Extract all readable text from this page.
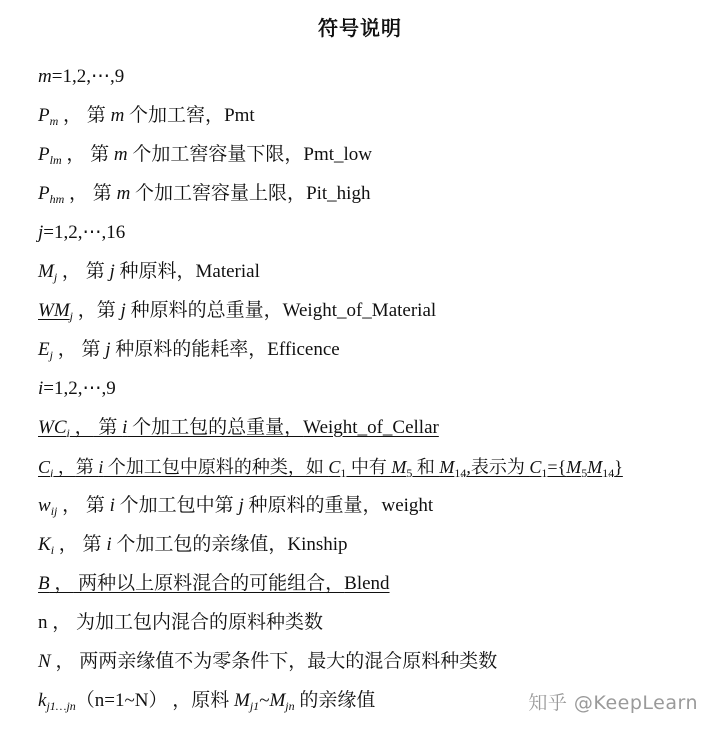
符号说明
m=1,2,⋯,9
$P_m$ ， 第 m 个加工窖，Pmt
$P_{lm}$ ， 第 m 个加工窖容量下限，Pmt_low
$P_{hm}$ ， 第 m 个加工窖容量上限，Pit_high
j=1,2,⋯,16
$M_j$ ， 第 j 种原料，Material
$WM_j$ ，第 j 种原料的总重量，Weight_of_Material
$E_j$ ， 第 j 种原料的能耗率，Efficence
i=1,2,⋯,9
$WC_i$ ， 第 i 个加工包的总重量，Weight_of_Cellar
$C_i$ ，第 i 个加工包中原料的种类，如 $C_1$ 中有 $M_5$ 和 $M_{14}$,表示为 $C_1=\{M_5M_{14}\}$
$w_{ij}$ ， 第 i 个加工包中第 j 种原料的重量，weight
$K_i$ ， 第 i 个加工包的亲缘值，Kinship
B ， 两种以上原料混合的可能组合，Blend
n ， 为加工包内混合的原料种类数
N ， 两两亲缘值不为零条件下，最大的混合原料种类数
$k_{j1\dots jn}(n=1\sim N)$ ，原料 $M_{j1}\sim M_{jn}$ 的亲缘值	知乎 @KeepLearn
